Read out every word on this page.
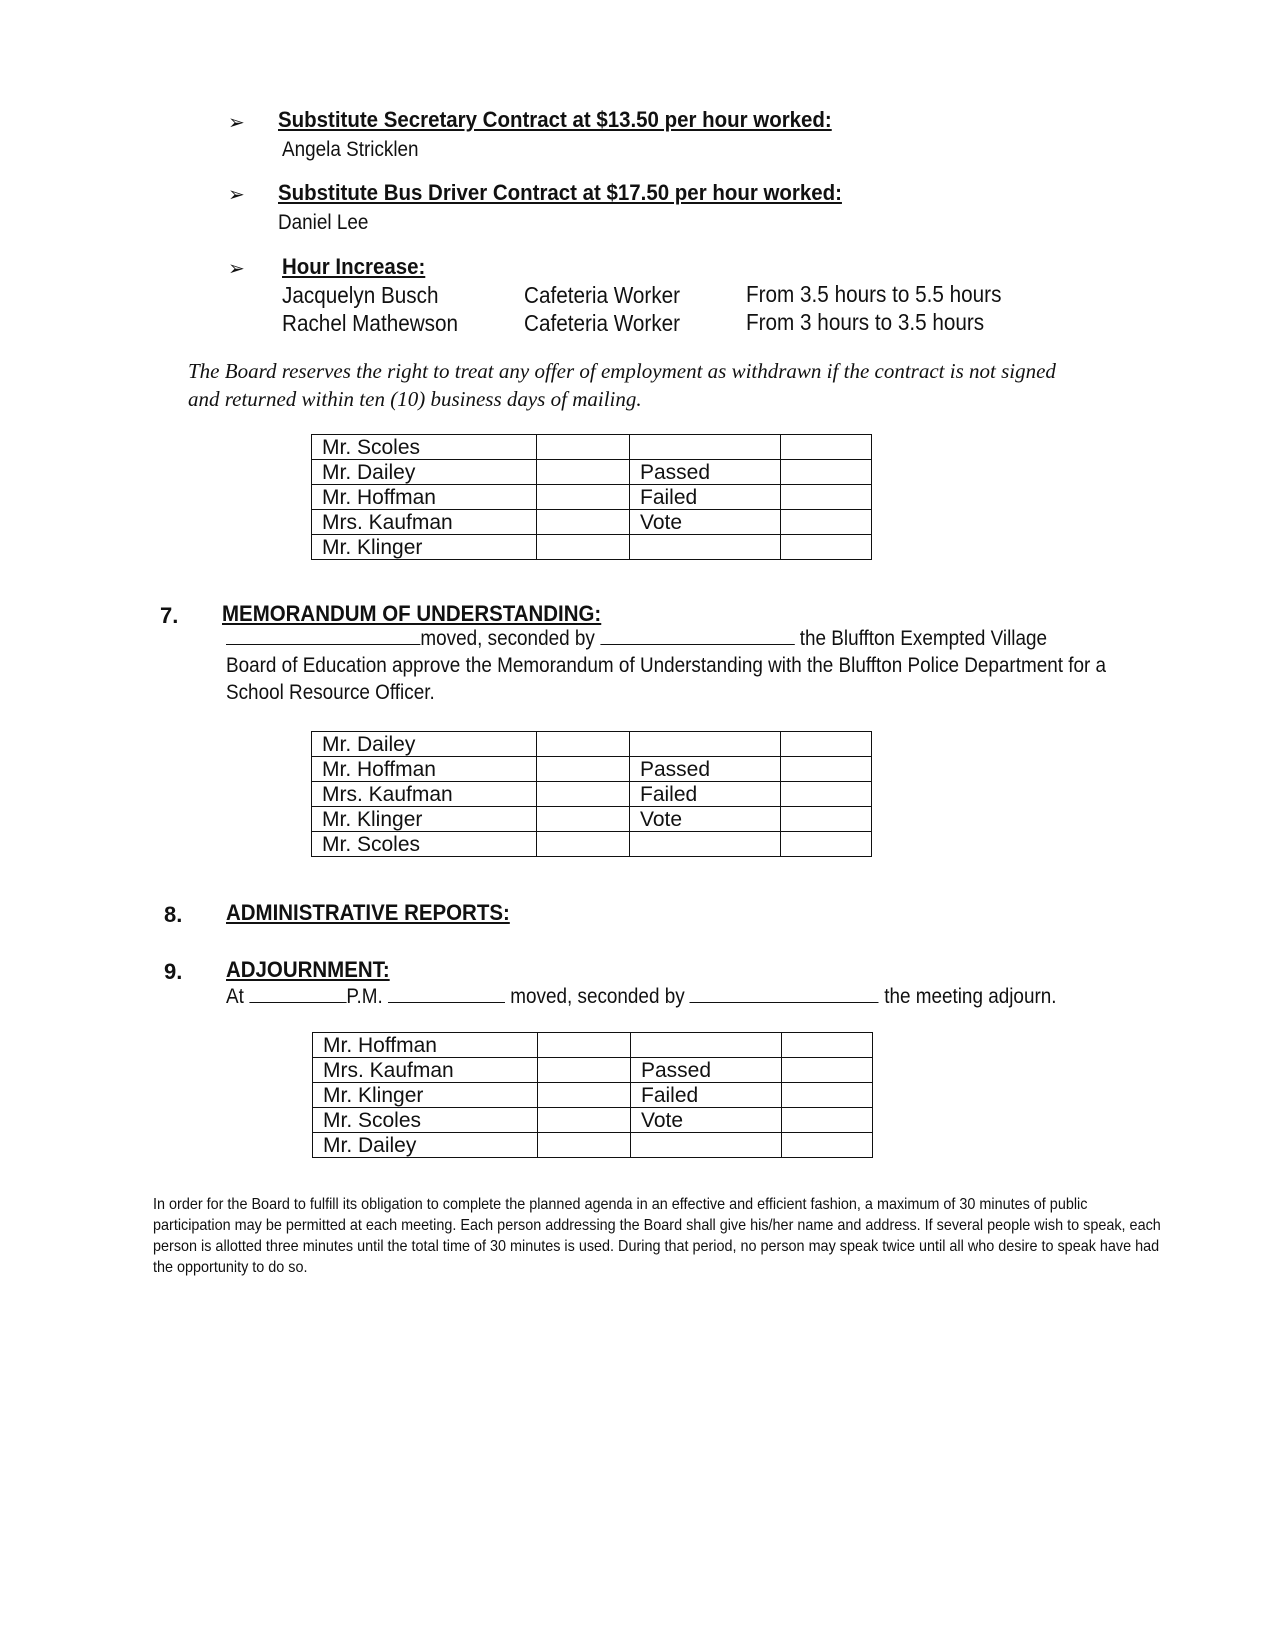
➢ Substitute Secretary Contract at $13.50 per hour worked:
Angela Stricklen
➢ Substitute Bus Driver Contract at $17.50 per hour worked:
Daniel Lee
➢ Hour Increase:
Jacquelyn Busch	Cafeteria Worker	From 3.5 hours to 5.5 hours
Rachel Mathewson	Cafeteria Worker	From 3 hours to 3.5 hours
The Board reserves the right to treat any offer of employment as withdrawn if the contract is not signed and returned within ten (10) business days of mailing.
Mr. Scoles			
Mr. Dailey		Passed	
Mr. Hoffman		Failed	
Mrs. Kaufman		Vote	
Mr. Klinger			
7. MEMORANDUM OF UNDERSTANDING:
moved, seconded by	the Bluffton Exempted Village
Board of Education approve the Memorandum of Understanding with the Bluffton Police Department for a
School Resource Officer.
Mr. Dailey			
Mr. Hoffman		Passed	
Mrs. Kaufman		Failed	
Mr. Klinger		Vote	
Mr. Scoles			
8. ADMINISTRATIVE REPORTS:
9. ADJOURNMENT:
At	P.M.	moved, seconded by	the meeting adjourn.
Mr. Hoffman			
Mrs. Kaufman		Passed	
Mr. Klinger		Failed	
Mr. Scoles		Vote	
Mr. Dailey			
In order for the Board to fulfill its obligation to complete the planned agenda in an effective and efficient fashion, a maximum of 30 minutes of public participation may be permitted at each meeting. Each person addressing the Board shall give his/her name and address. If several people wish to speak, each person is allotted three minutes until the total time of 30 minutes is used. During that period, no person may speak twice until all who desire to speak have had the opportunity to do so.
